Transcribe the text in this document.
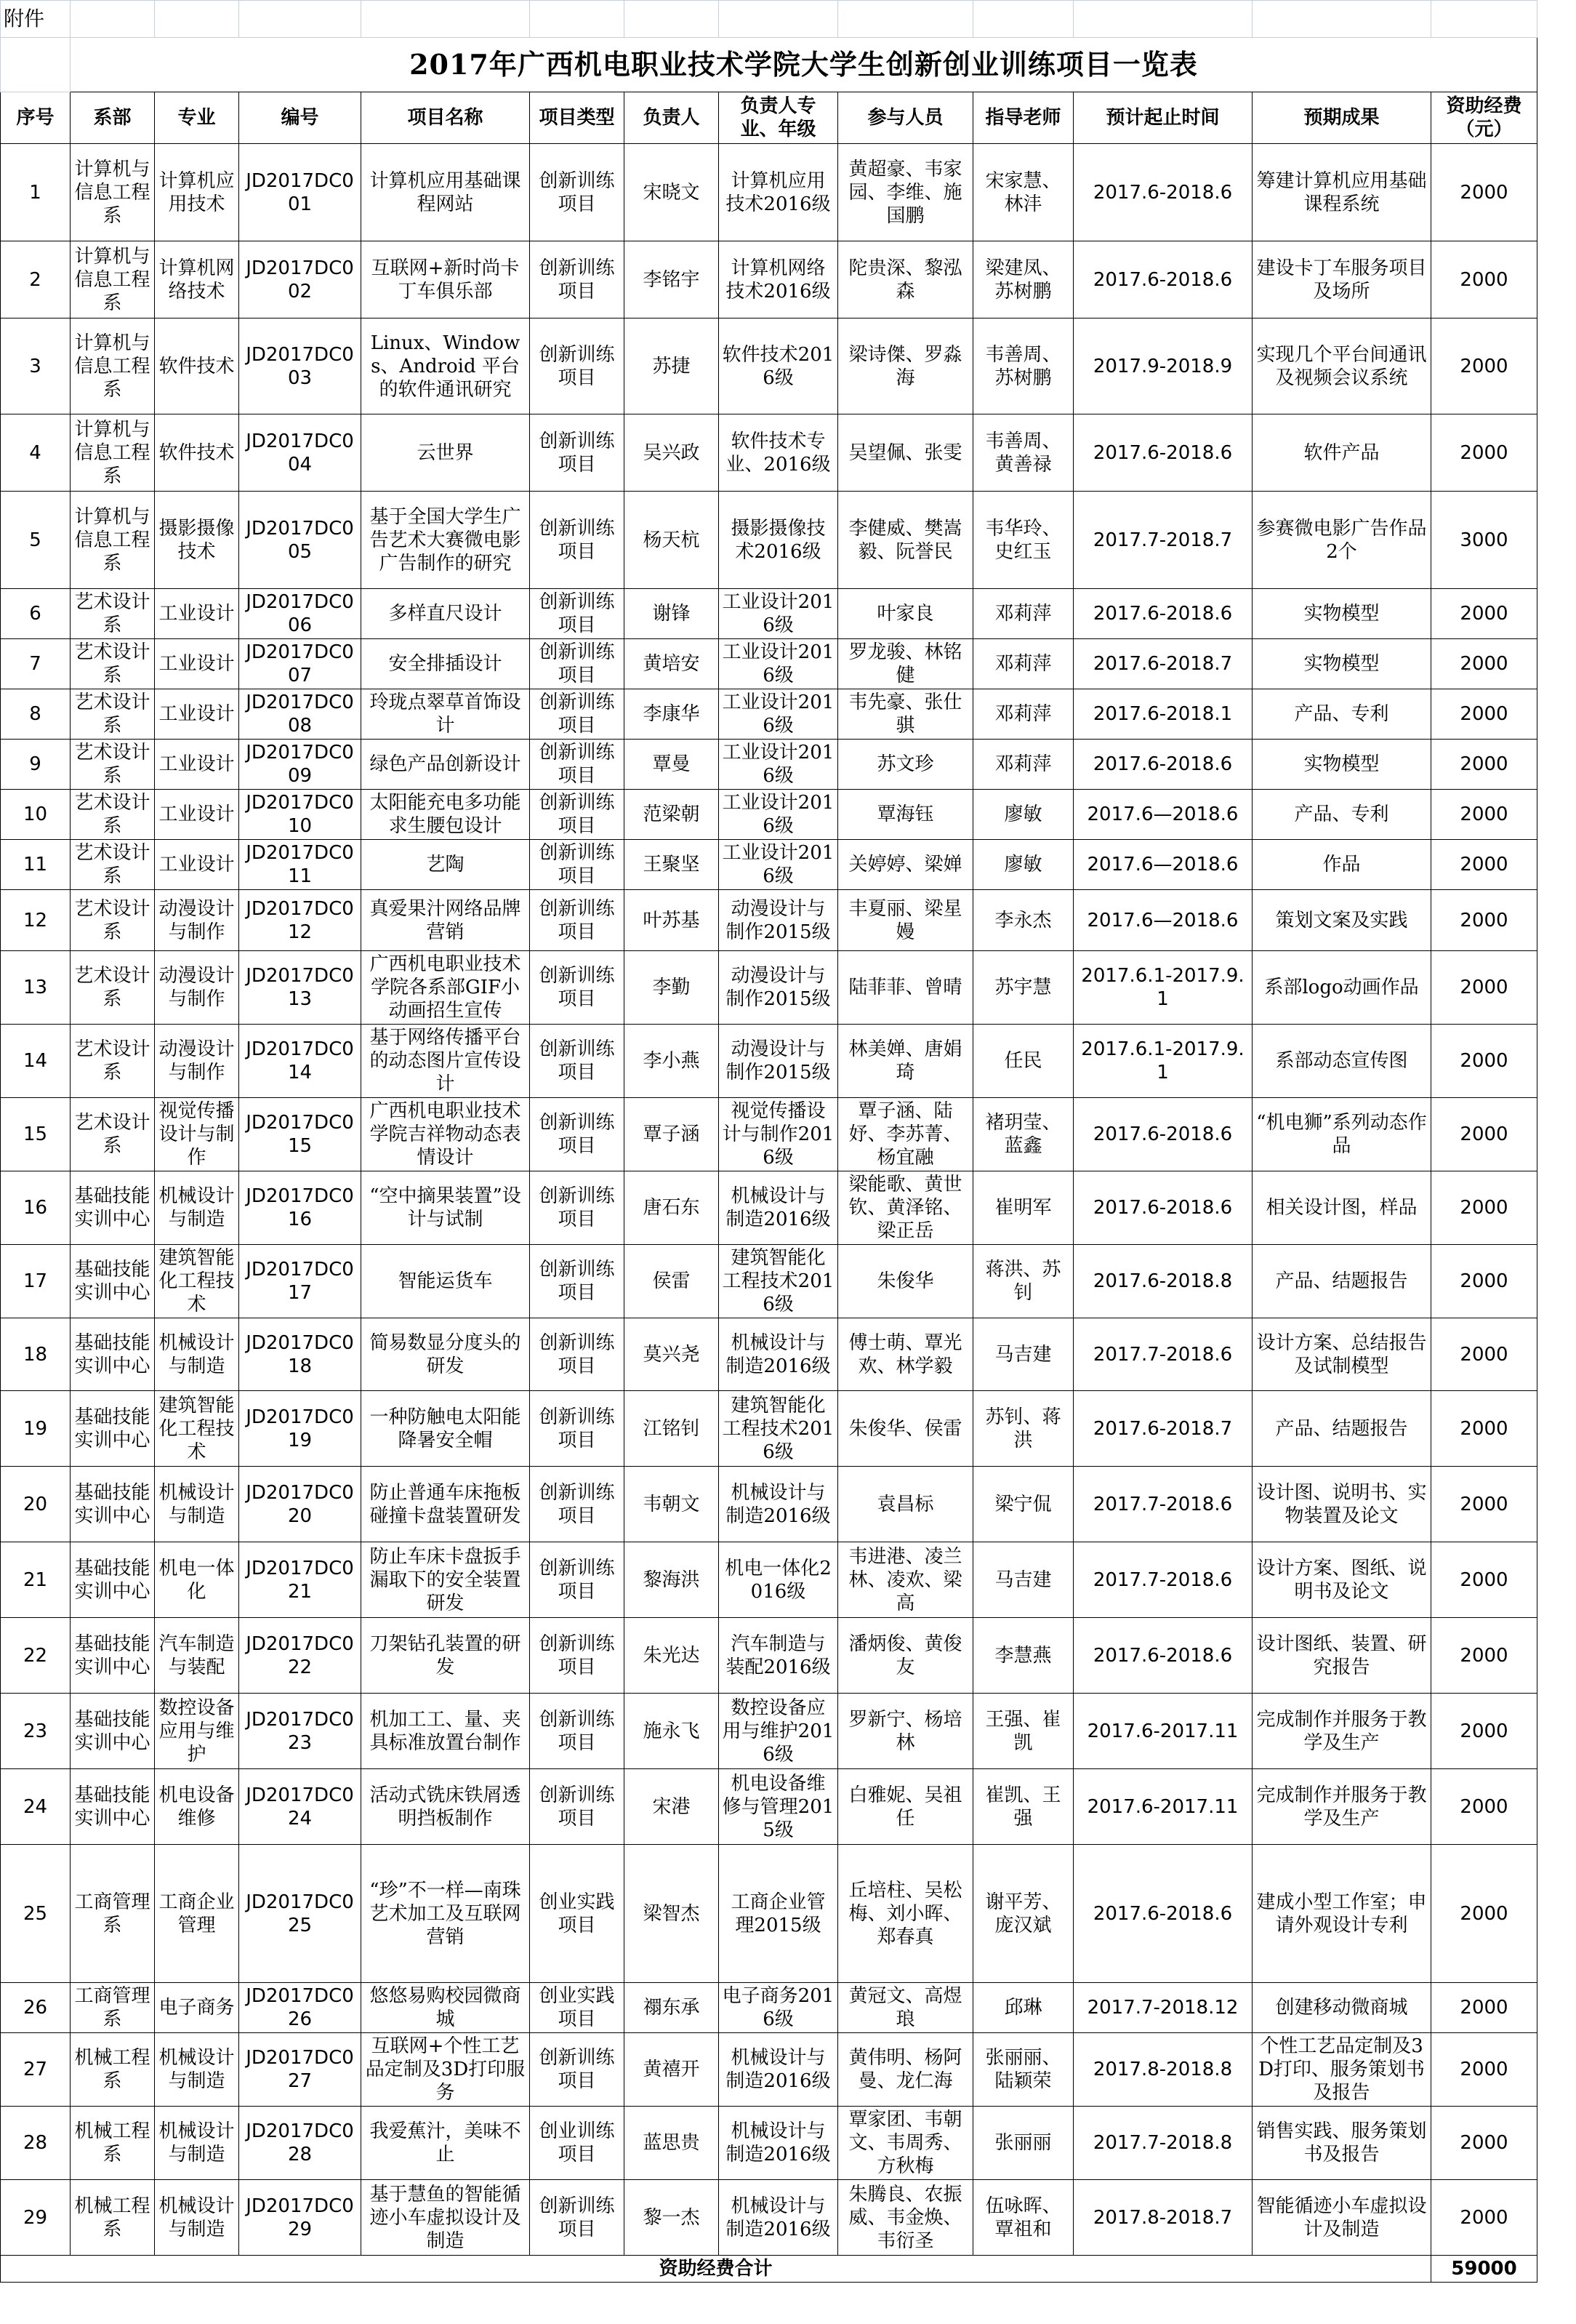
附件												
	2017年广西机电职业技术学院大学生创新创业训练项目一览表											
序号	系部	专业	编号	项目名称	项目类型	负责人	负责人专业、年级	参与人员	指导老师	预计起止时间	预期成果	资助经费（元）
1	计算机与信息工程系	计算机应用技术	JD2017DC001	计算机应用基础课程网站	创新训练项目	宋晓文	计算机应用技术2016级	黄超豪、韦家园、李维、施国鹏	宋家慧、林沣	2017.6-2018.6	筹建计算机应用基础课程系统	2000
2	计算机与信息工程系	计算机网络技术	JD2017DC002	互联网+新时尚卡丁车俱乐部	创新训练项目	李铭宇	计算机网络技术2016级	陀贵深、黎泓森	梁建凤、苏树鹏	2017.6-2018.6	建设卡丁车服务项目及场所	2000
3	计算机与信息工程系	软件技术	JD2017DC003	Linux、Windows、Android 平台的软件通讯研究	创新训练项目	苏捷	软件技术2016级	梁诗傑、罗淼海	韦善周、苏树鹏	2017.9-2018.9	实现几个平台间通讯及视频会议系统	2000
4	计算机与信息工程系	软件技术	JD2017DC004	云世界	创新训练项目	吴兴政	软件技术专业、2016级	吴望佩、张雯	韦善周、黄善禄	2017.6-2018.6	软件产品	2000
5	计算机与信息工程系	摄影摄像技术	JD2017DC005	基于全国大学生广告艺术大赛微电影广告制作的研究	创新训练项目	杨天杭	摄影摄像技术2016级	李健威、樊嵩毅、阮誉民	韦华玲、史红玉	2017.7-2018.7	参赛微电影广告作品2个	3000
6	艺术设计系	工业设计	JD2017DC006	多样直尺设计	创新训练项目	谢锋	工业设计2016级	叶家良	邓莉萍	2017.6-2018.6	实物模型	2000
7	艺术设计系	工业设计	JD2017DC007	安全排插设计	创新训练项目	黄培安	工业设计2016级	罗龙骏、林铭健	邓莉萍	2017.6-2018.7	实物模型	2000
8	艺术设计系	工业设计	JD2017DC008	玲珑点翠草首饰设计	创新训练项目	李康华	工业设计2016级	韦先豪、张仕骐	邓莉萍	2017.6-2018.1	产品、专利	2000
9	艺术设计系	工业设计	JD2017DC009	绿色产品创新设计	创新训练项目	覃曼	工业设计2016级	苏文珍	邓莉萍	2017.6-2018.6	实物模型	2000
10	艺术设计系	工业设计	JD2017DC010	太阳能充电多功能求生腰包设计	创新训练项目	范梁朝	工业设计2016级	覃海钰	廖敏	2017.6—2018.6	产品、专利	2000
11	艺术设计系	工业设计	JD2017DC011	艺陶	创新训练项目	王聚坚	工业设计2016级	关婷婷、梁婵	廖敏	2017.6—2018.6	作品	2000
12	艺术设计系	动漫设计与制作	JD2017DC012	真爱果汁网络品牌营销	创新训练项目	叶苏基	动漫设计与制作2015级	丰夏丽、梁星嫚	李永杰	2017.6—2018.6	策划文案及实践	2000
13	艺术设计系	动漫设计与制作	JD2017DC013	广西机电职业技术学院各系部GIF小动画招生宣传	创新训练项目	李勤	动漫设计与制作2015级	陆菲菲、曾晴	苏宇慧	2017.6.1-2017.9.1	系部logo动画作品	2000
14	艺术设计系	动漫设计与制作	JD2017DC014	基于网络传播平台的动态图片宣传设计	创新训练项目	李小燕	动漫设计与制作2015级	林美婵、唐娟琦	任民	2017.6.1-2017.9.1	系部动态宣传图	2000
15	艺术设计系	视觉传播设计与制作	JD2017DC015	广西机电职业技术学院吉祥物动态表情设计	创新训练项目	覃子涵	视觉传播设计与制作2016级	覃子涵、陆妤、李苏菁、杨宜融	褚玥莹、蓝鑫	2017.6-2018.6	“机电狮”系列动态作品	2000
16	基础技能实训中心	机械设计与制造	JD2017DC016	“空中摘果装置”设计与试制	创新训练项目	唐石东	机械设计与制造2016级	梁能歌、黄世钦、黄泽铭、梁正岳	崔明军	2017.6-2018.6	相关设计图，样品	2000
17	基础技能实训中心	建筑智能化工程技术	JD2017DC017	智能运货车	创新训练项目	侯雷	建筑智能化工程技术2016级	朱俊华	蒋洪、苏钊	2017.6-2018.8	产品、结题报告	2000
18	基础技能实训中心	机械设计与制造	JD2017DC018	简易数显分度头的研发	创新训练项目	莫兴尧	机械设计与制造2016级	傅士萌、覃光欢、林学毅	马吉建	2017.7-2018.6	设计方案、总结报告及试制模型	2000
19	基础技能实训中心	建筑智能化工程技术	JD2017DC019	一种防触电太阳能降暑安全帽	创新训练项目	江铭钊	建筑智能化工程技术2016级	朱俊华、侯雷	苏钊、蒋洪	2017.6-2018.7	产品、结题报告	2000
20	基础技能实训中心	机械设计与制造	JD2017DC020	防止普通车床拖板碰撞卡盘装置研发	创新训练项目	韦朝文	机械设计与制造2016级	袁昌标	梁宁侃	2017.7-2018.6	设计图、说明书、实物装置及论文	2000
21	基础技能实训中心	机电一体化	JD2017DC021	防止车床卡盘扳手漏取下的安全装置研发	创新训练项目	黎海洪	机电一体化2016级	韦进港、凌兰林、凌欢、梁高	马吉建	2017.7-2018.6	设计方案、图纸、说明书及论文	2000
22	基础技能实训中心	汽车制造与装配	JD2017DC022	刀架钻孔装置的研发	创新训练项目	朱光达	汽车制造与装配2016级	潘炳俊、黄俊友	李慧燕	2017.6-2018.6	设计图纸、装置、研究报告	2000
23	基础技能实训中心	数控设备应用与维护	JD2017DC023	机加工工、量、夹具标准放置台制作	创新训练项目	施永飞	数控设备应用与维护2016级	罗新宁、杨培林	王强、崔凯	2017.6-2017.11	完成制作并服务于教学及生产	2000
24	基础技能实训中心	机电设备维修	JD2017DC024	活动式铣床铁屑透明挡板制作	创新训练项目	宋港	机电设备维修与管理2015级	白雅妮、吴祖任	崔凯、王强	2017.6-2017.11	完成制作并服务于教学及生产	2000
25	工商管理系	工商企业管理	JD2017DC025	“珍”不一样—南珠艺术加工及互联网营销	创业实践项目	梁智杰	工商企业管理2015级	丘培柱、吴松梅、刘小晖、郑春真	谢平芳、庞汉斌	2017.6-2018.6	建成小型工作室；申请外观设计专利	2000
26	工商管理系	电子商务	JD2017DC026	悠悠易购校园微商城	创业实践项目	禤东承	电子商务2016级	黄冠文、高煜琅	邱琳	2017.7-2018.12	创建移动微商城	2000
27	机械工程系	机械设计与制造	JD2017DC027	互联网+个性工艺品定制及3D打印服务	创新训练项目	黄禧开	机械设计与制造2016级	黄伟明、杨阿曼、龙仁海	张丽丽、陆颖荣	2017.8-2018.8	个性工艺品定制及3D打印、服务策划书及报告	2000
28	机械工程系	机械设计与制造	JD2017DC028	我爱蕉汁，美味不止	创业训练项目	蓝思贵	机械设计与制造2016级	覃家团、韦朝文、韦周秀、方秋梅	张丽丽	2017.7-2018.8	销售实践、服务策划书及报告	2000
29	机械工程系	机械设计与制造	JD2017DC029	基于慧鱼的智能循迹小车虚拟设计及制造	创新训练项目	黎一杰	机械设计与制造2016级	朱腾良、农振威、韦金焕、韦衍圣	伍咏晖、覃祖和	2017.8-2018.7	智能循迹小车虚拟设计及制造	2000
资助经费合计												59000
